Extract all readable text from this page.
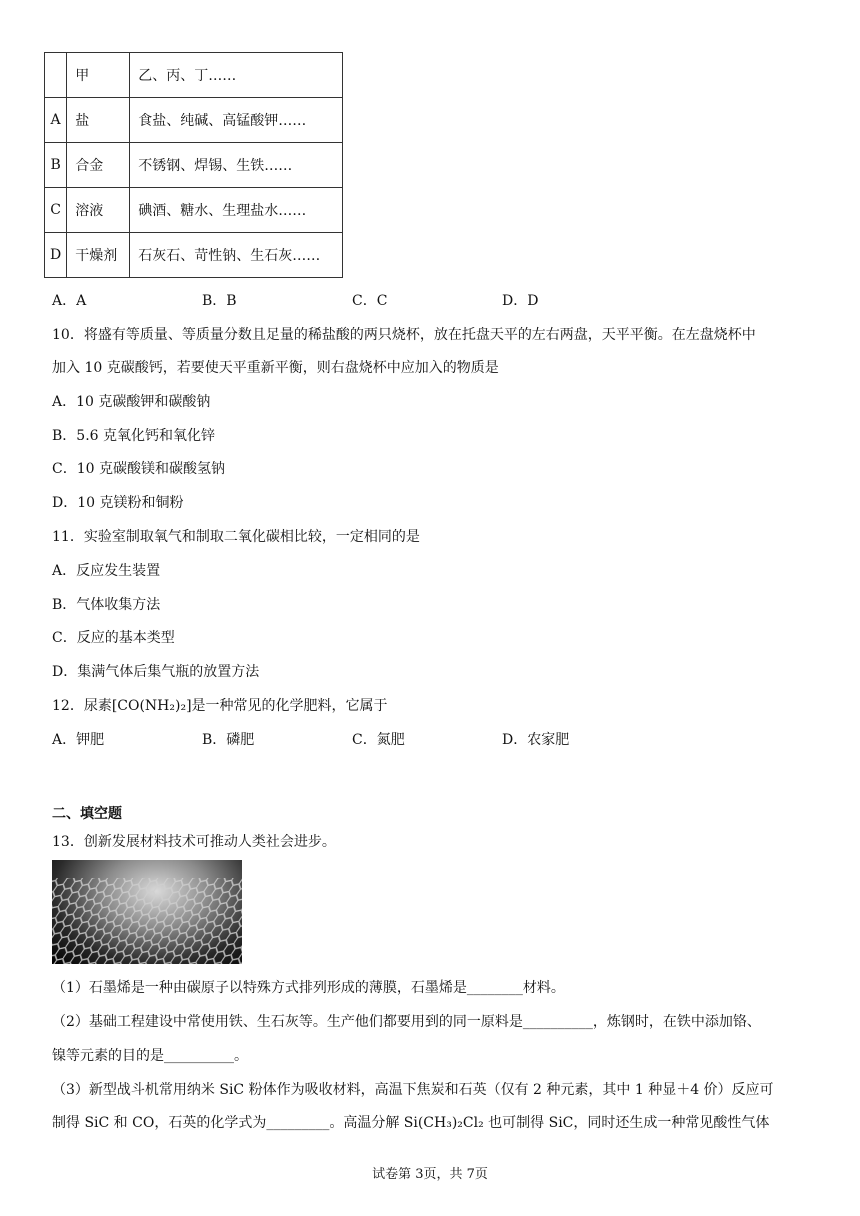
	甲	乙、丙、丁……
A	盐	食盐、纯碱、高锰酸钾……
B	合金	不锈钢、焊锡、生铁……
C	溶液	碘酒、糖水、生理盐水……
D	干燥剂	石灰石、苛性钠、生石灰……
A．A	B．B	C．C	D．D
10．将盛有等质量、等质量分数且足量的稀盐酸的两只烧杯，放在托盘天平的左右两盘，天平平衡。在左盘烧杯中
加入 10 克碳酸钙，若要使天平重新平衡，则右盘烧杯中应加入的物质是
A．10 克碳酸钾和碳酸钠
B．5.6 克氧化钙和氧化锌
C．10 克碳酸镁和碳酸氢钠
D．10 克镁粉和铜粉
11．实验室制取氧气和制取二氧化碳相比较，一定相同的是
A．反应发生装置
B．气体收集方法
C．反应的基本类型
D．集满气体后集气瓶的放置方法
12．尿素[CO(NH₂)₂]是一种常见的化学肥料，它属于
A．钾肥	B．磷肥	C．氮肥	D．农家肥
二、填空题
13．创新发展材料技术可推动人类社会进步。
（1）石墨烯是一种由碳原子以特殊方式排列形成的薄膜，石墨烯是________材料。
（2）基础工程建设中常使用铁、生石灰等。生产他们都要用到的同一原料是__________，炼钢时，在铁中添加铬、
镍等元素的目的是__________。
（3）新型战斗机常用纳米 SiC 粉体作为吸收材料，高温下焦炭和石英（仅有 2 种元素，其中 1 种显＋4 价）反应可
制得 SiC 和 CO，石英的化学式为_________。高温分解 Si(CH₃)₂Cl₂ 也可制得 SiC，同时还生成一种常见酸性气体
试卷第 3页，共 7页
